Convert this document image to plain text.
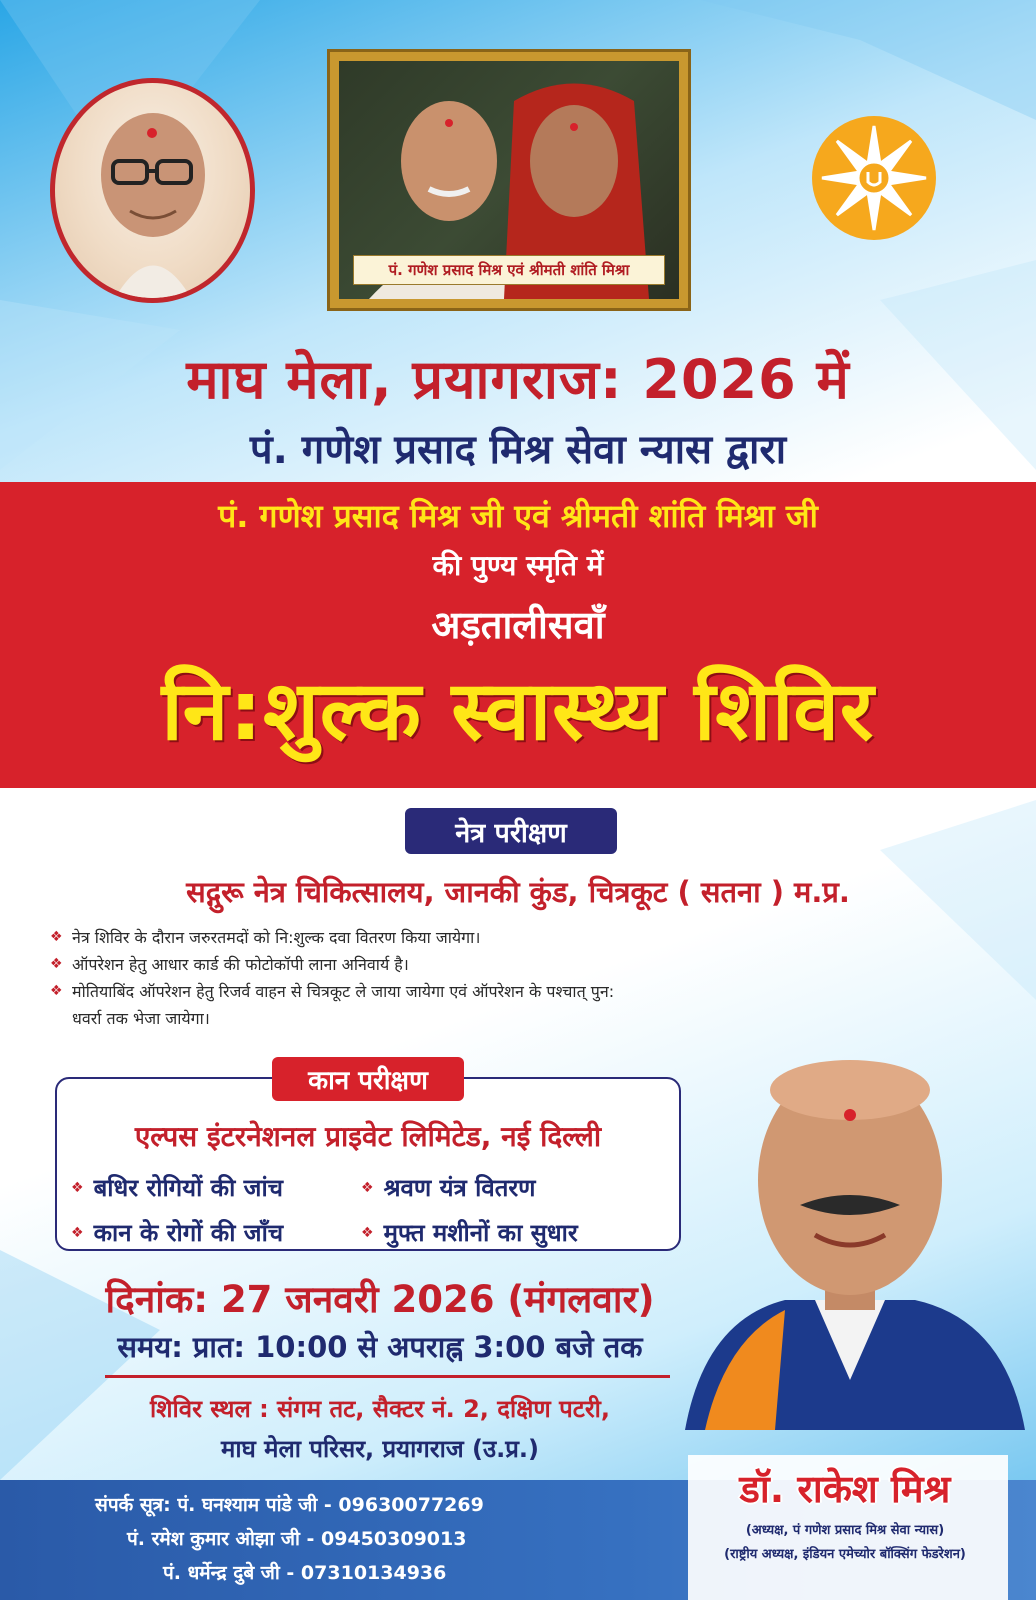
पं. गणेश प्रसाद मिश्र एवं श्रीमती शांति मिश्रा
माघ मेला, प्रयागराज: 2026 में
पं. गणेश प्रसाद मिश्र सेवा न्यास द्वारा
पं. गणेश प्रसाद मिश्र जी एवं श्रीमती शांति मिश्रा जी
की पुण्य स्मृति में
अड़तालीसवाँ
नि:शुल्क स्वास्थ्य शिविर
नेत्र परीक्षण
सद्गुरू नेत्र चिकित्सालय, जानकी कुंड, चित्रकूट ( सतना ) म.प्र.
❖ नेत्र शिविर के दौरान जरुरतमदों को नि:शुल्क दवा वितरण किया जायेगा।
❖ ऑपरेशन हेतु आधार कार्ड की फोटोकॉपी लाना अनिवार्य है।
❖ मोतियाबिंद ऑपरेशन हेतु रिजर्व वाहन से चित्रकूट ले जाया जायेगा एवं ऑपरेशन के पश्चात् पुन:
धवर्रा तक भेजा जायेगा।
एल्पस इंटरनेशनल प्राइवेट लिमिटेड, नई दिल्ली
❖ बधिर रोगियों की जांच	❖ श्रवण यंत्र वितरण
❖ कान के रोगों की जाँच	❖ मुफ्त मशीनों का सुधार
कान परीक्षण
दिनांक: 27 जनवरी 2026 (मंगलवार)
समय: प्रात: 10:00 से अपराह्न 3:00 बजे तक
शिविर स्थल : संगम तट, सैक्टर नं. 2, दक्षिण पटरी,
माघ मेला परिसर, प्रयागराज (उ.प्र.)
संपर्क सूत्र: पं. घनश्याम पांडे जी - 09630077269
पं. रमेश कुमार ओझा जी - 09450309013
पं. धर्मेन्द्र दुबे जी - 07310134936
डॉ. राकेश मिश्र
(अध्यक्ष, पं गणेश प्रसाद मिश्र सेवा न्यास)
(राष्ट्रीय अध्यक्ष, इंडियन एमेच्योर बॉक्सिंग फेडरेशन)
